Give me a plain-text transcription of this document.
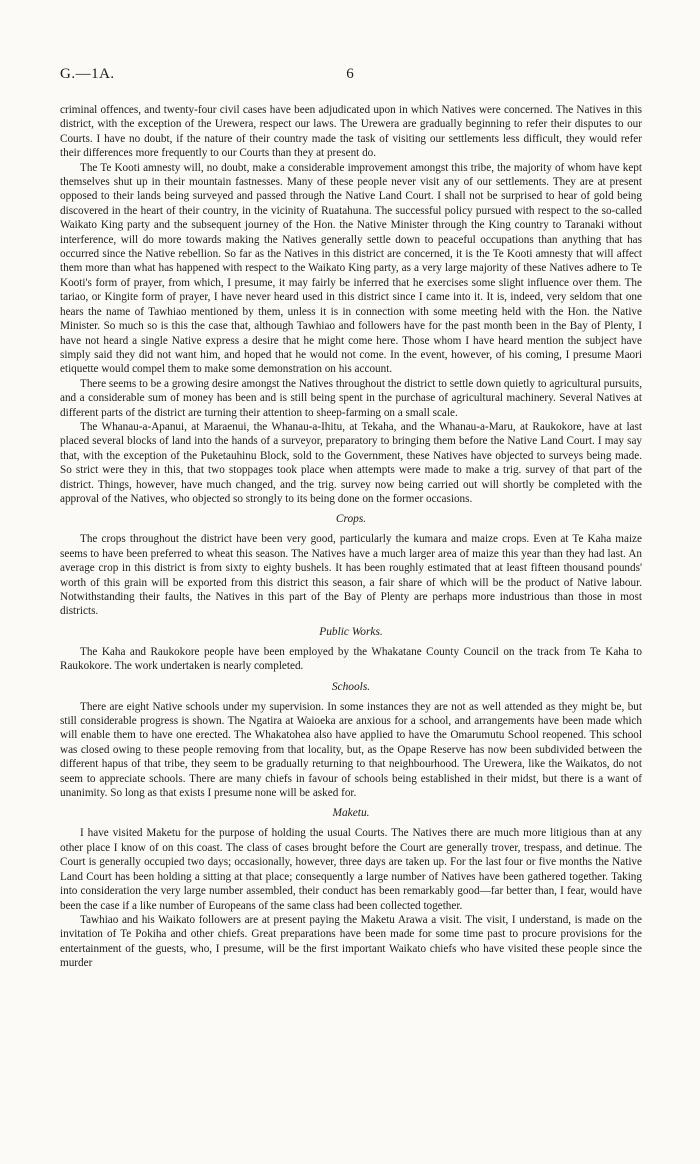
G.—1A.	6

criminal offences, and twenty-four civil cases have been adjudicated upon in which Natives were concerned. The Natives in this district, with the exception of the Urewera, respect our laws. The Urewera are gradually beginning to refer their disputes to our Courts. I have no doubt, if the nature of their country made the task of visiting our settlements less difficult, they would refer their differences more frequently to our Courts than they at present do.

The Te Kooti amnesty will, no doubt, make a considerable improvement amongst this tribe, the majority of whom have kept themselves shut up in their mountain fastnesses. Many of these people never visit any of our settlements. They are at present opposed to their lands being surveyed and passed through the Native Land Court. I shall not be surprised to hear of gold being discovered in the heart of their country, in the vicinity of Ruatahuna. The successful policy pursued with respect to the so-called Waikato King party and the subsequent journey of the Hon. the Native Minister through the King country to Taranaki without interference, will do more towards making the Natives generally settle down to peaceful occupations than anything that has occurred since the Native rebellion. So far as the Natives in this district are concerned, it is the Te Kooti amnesty that will affect them more than what has happened with respect to the Waikato King party, as a very large majority of these Natives adhere to Te Kooti's form of prayer, from which, I presume, it may fairly be inferred that he exercises some slight influence over them. The tariao, or Kingite form of prayer, I have never heard used in this district since I came into it. It is, indeed, very seldom that one hears the name of Tawhiao mentioned by them, unless it is in connection with some meeting held with the Hon. the Native Minister. So much so is this the case that, although Tawhiao and followers have for the past month been in the Bay of Plenty, I have not heard a single Native express a desire that he might come here. Those whom I have heard mention the subject have simply said they did not want him, and hoped that he would not come. In the event, however, of his coming, I presume Maori etiquette would compel them to make some demonstration on his account.

There seems to be a growing desire amongst the Natives throughout the district to settle down quietly to agricultural pursuits, and a considerable sum of money has been and is still being spent in the purchase of agricultural machinery. Several Natives at different parts of the district are turning their attention to sheep-farming on a small scale.

The Whanau-a-Apanui, at Maraenui, the Whanau-a-Ihitu, at Tekaha, and the Whanau-a-Maru, at Raukokore, have at last placed several blocks of land into the hands of a surveyor, preparatory to bringing them before the Native Land Court. I may say that, with the exception of the Puketauhinu Block, sold to the Government, these Natives have objected to surveys being made. So strict were they in this, that two stoppages took place when attempts were made to make a trig. survey of that part of the district. Things, however, have much changed, and the trig. survey now being carried out will shortly be completed with the approval of the Natives, who objected so strongly to its being done on the former occasions.

Crops.

The crops throughout the district have been very good, particularly the kumara and maize crops. Even at Te Kaha maize seems to have been preferred to wheat this season. The Natives have a much larger area of maize this year than they had last. An average crop in this district is from sixty to eighty bushels. It has been roughly estimated that at least fifteen thousand pounds' worth of this grain will be exported from this district this season, a fair share of which will be the product of Native labour. Notwithstanding their faults, the Natives in this part of the Bay of Plenty are perhaps more industrious than those in most districts.

Public Works.

The Kaha and Raukokore people have been employed by the Whakatane County Council on the track from Te Kaha to Raukokore. The work undertaken is nearly completed.

Schools.

There are eight Native schools under my supervision. In some instances they are not as well attended as they might be, but still considerable progress is shown. The Ngatira at Waioeka are anxious for a school, and arrangements have been made which will enable them to have one erected. The Whakatohea also have applied to have the Omarumutu School reopened. This school was closed owing to these people removing from that locality, but, as the Opape Reserve has now been subdivided between the different hapus of that tribe, they seem to be gradually returning to that neighbourhood. The Urewera, like the Waikatos, do not seem to appreciate schools. There are many chiefs in favour of schools being established in their midst, but there is a want of unanimity. So long as that exists I presume none will be asked for.

Maketu.

I have visited Maketu for the purpose of holding the usual Courts. The Natives there are much more litigious than at any other place I know of on this coast. The class of cases brought before the Court are generally trover, trespass, and detinue. The Court is generally occupied two days; occasionally, however, three days are taken up. For the last four or five months the Native Land Court has been holding a sitting at that place; consequently a large number of Natives have been gathered together. Taking into consideration the very large number assembled, their conduct has been remarkably good—far better than, I fear, would have been the case if a like number of Europeans of the same class had been collected together.

Tawhiao and his Waikato followers are at present paying the Maketu Arawa a visit. The visit, I understand, is made on the invitation of Te Pokiha and other chiefs. Great preparations have been made for some time past to procure provisions for the entertainment of the guests, who, I presume, will be the first important Waikato chiefs who have visited these people since the murder
